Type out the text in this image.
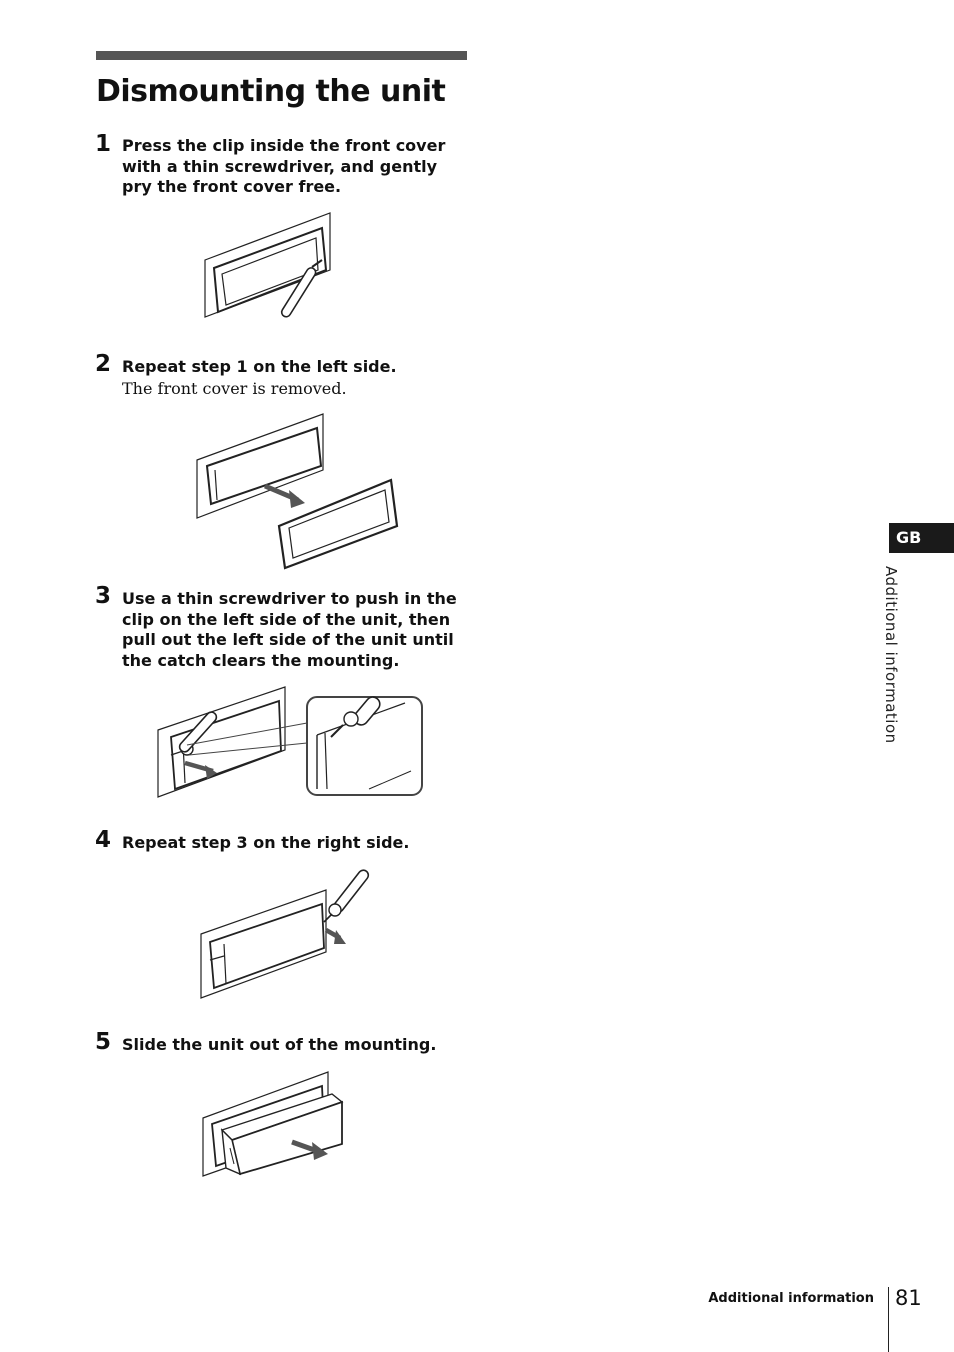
Dismounting the unit
1 Press the clip inside the front cover with a thin screwdriver, and gently pry the front cover free.

2 Repeat step 1 on the left side.

The front cover is removed.

3 Use a thin screwdriver to push in the clip on the left side of the unit, then pull out the left side of the unit until the catch clears the mounting.

4 Repeat step 3 on the right side.

5 Slide the unit out of the mounting.

GB
Additional information
Additional information 81
